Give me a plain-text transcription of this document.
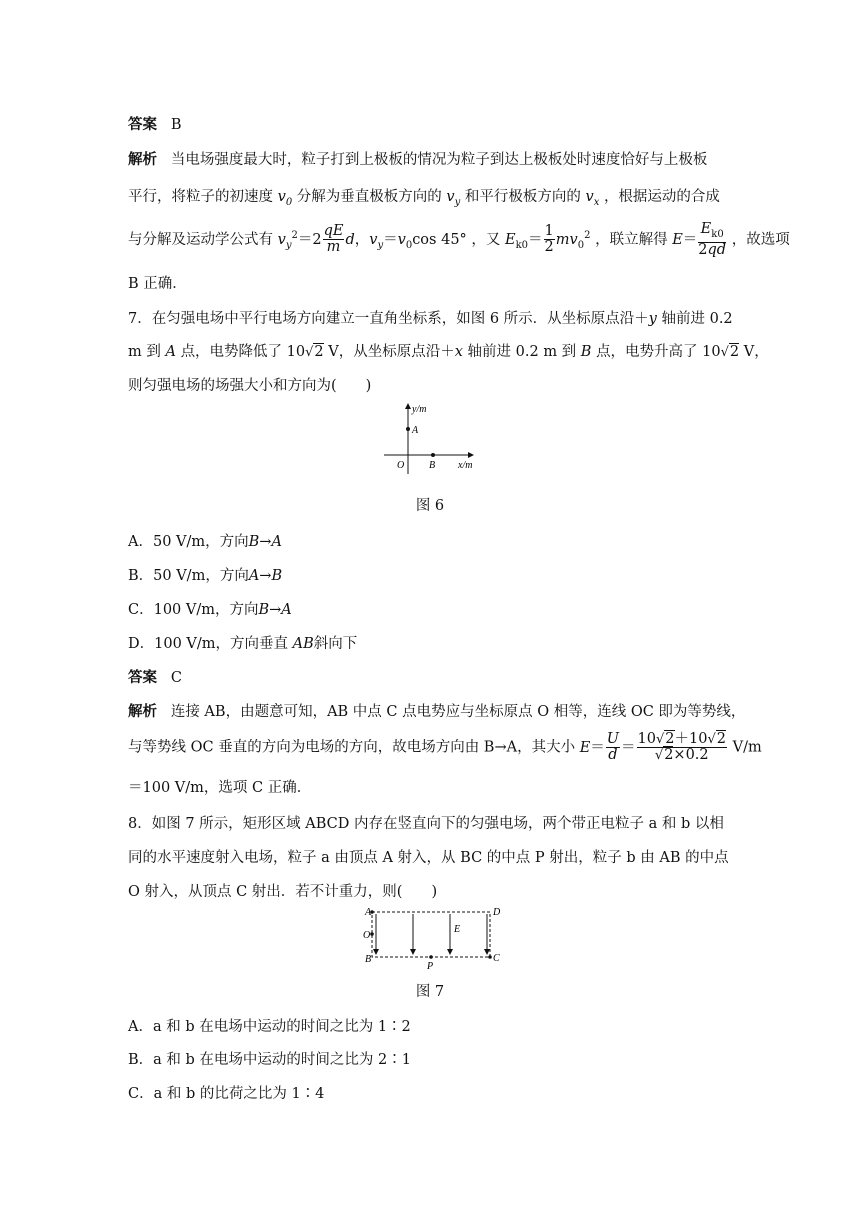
答案 B
解析 当电场强度最大时，粒子打到上极板的情况为粒子到达上极板处时速度恰好与上极板
平行，将粒子的初速度 $v_0$ 分解为垂直极板方向的 $v_y$ 和平行极板方向的 $v_x$ ，根据运动的合成
与分解及运动学公式有 $v_y^2=2 \frac{qE}{m}$ d，$v_y=v_0\cos$ 45° ，又 $E_{k0}= \frac{1}{2} mv_0^2$ ，联立解得 $E= \frac{E_{k0}}{2qd}$ ，故选项
B 正确．
7．在匀强电场中平行电场方向建立一直角坐标系，如图 6 所示．从坐标原点沿＋y 轴前进 0.2
m 到 A 点，电势降低了 10√2 V，从坐标原点沿＋x 轴前进 0.2 m 到 B 点，电势升高了 10√2 V，
则匀强电场的场强大小和方向为(　　)
y/m
x/m
A
B
O
图 6
A．50 V/m，方向B→A
B．50 V/m，方向A→B
C．100 V/m，方向B→A
D．100 V/m，方向垂直 AB斜向下
答案 C
解析 连接 AB，由题意可知，AB 中点 C 点电势应与坐标原点 O 相等，连线 OC 即为等势线，
与等势线 OC 垂直的方向为电场的方向，故电场方向由 B→A，其大小 $E= \frac{U}{d} = \frac{10√2+10√2}{√2\times 0.2} V/m$
＝100 V/m，选项 C 正确．
8．如图 7 所示，矩形区域 ABCD 内存在竖直向下的匀强电场，两个带正电粒子 a 和 b 以相
同的水平速度射入电场，粒子 a 由顶点 A 射入，从 BC 的中点 P 射出，粒子 b 由 AB 的中点
O 射入，从顶点 C 射出．若不计重力，则(　　)
A
O
B
D
C
P
E
图 7
A．a 和 b 在电场中运动的时间之比为 1∶2
B．a 和 b 在电场中运动的时间之比为 2∶1
C．a 和 b 的比荷之比为 1∶4
